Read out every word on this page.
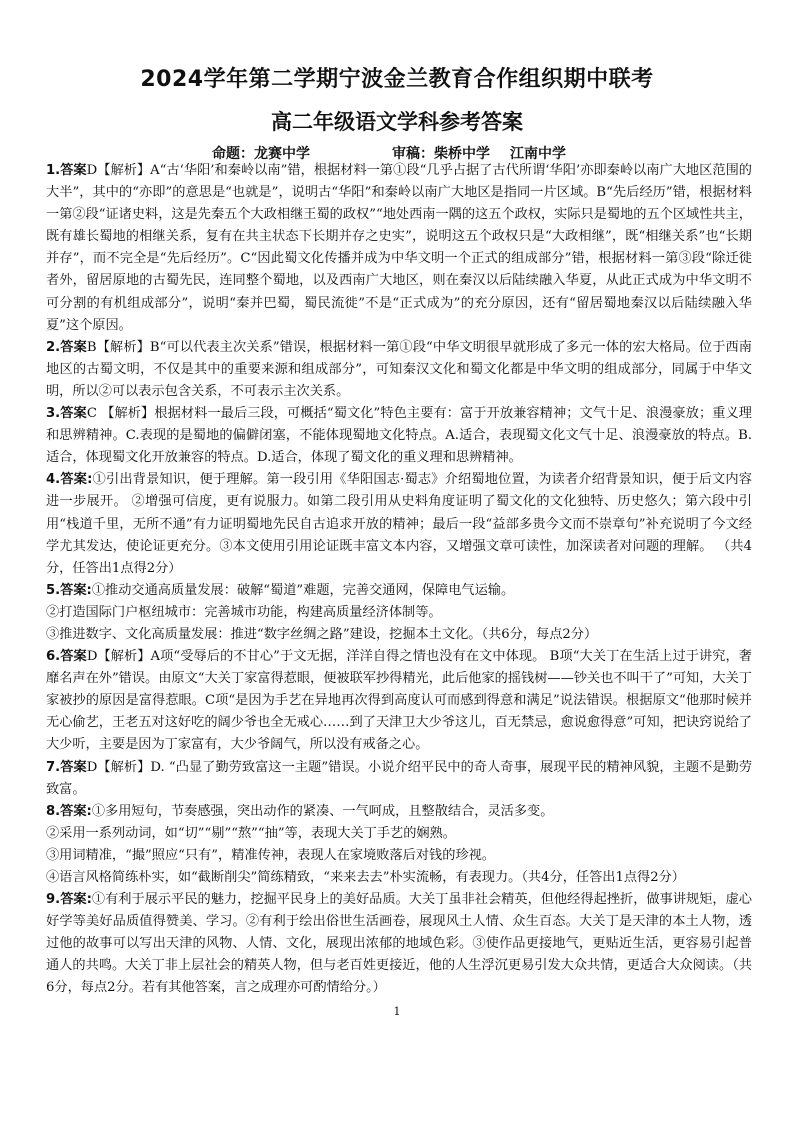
2024学年第二学期宁波金兰教育合作组织期中联考
高二年级语文学科参考答案
命题：龙赛中学	审稿：柴桥中学 江南中学

1.答案D【解析】A“古‘华阳’和秦岭以南”错，根据材料一第①段“几乎占据了古代所谓‘华阳’亦即秦岭以南广大地区范围的大半”，其中的“亦即”的意思是“也就是”，说明古“华阳”和秦岭以南广大地区是指同一片区域。B“先后经历”错，根据材料一第②段“证诸史料，这是先秦五个大政相继王蜀的政权”“地处西南一隅的这五个政权，实际只是蜀地的五个区域性共主，既有雄长蜀地的相继关系，复有在共主状态下长期并存之史实”，说明这五个政权只是“大政相继”，既“相继关系”也“长期并存”，而不完全是“先后经历”。C“因此蜀文化传播并成为中华文明一个正式的组成部分”错，根据材料一第③段“除迁徙者外，留居原地的古蜀先民，连同整个蜀地，以及西南广大地区，则在秦汉以后陆续融入华夏，从此正式成为中华文明不可分割的有机组成部分”，说明“秦并巴蜀，蜀民流徙”不是“正式成为”的充分原因，还有“留居蜀地秦汉以后陆续融入华夏”这个原因。

2.答案B【解析】B“可以代表主次关系”错误，根据材料一第①段“中华文明很早就形成了多元一体的宏大格局。位于西南地区的古蜀文明，不仅是其中的重要来源和组成部分”，可知秦汉文化和蜀文化都是中华文明的组成部分，同属于中华文明，所以②可以表示包含关系，不可表示主次关系。

3.答案C 【解析】根据材料一最后三段，可概括“蜀文化”特色主要有：富于开放兼容精神；文气十足、浪漫豪放；重义理和思辨精神。C.表现的是蜀地的偏僻闭塞，不能体现蜀地文化特点。A.适合，表现蜀文化文气十足、浪漫豪放的特点。B.适合，体现蜀文化开放兼容的特点。D.适合，体现了蜀文化的重义理和思辨精神。

4.答案:①引出背景知识，便于理解。第一段引用《华阳国志·蜀志》介绍蜀地位置，为读者介绍背景知识，便于后文内容进一步展开。 ②增强可信度，更有说服力。如第二段引用从史料角度证明了蜀文化的文化独特、历史悠久；第六段中引用“栈道千里，无所不通”有力证明蜀地先民自古追求开放的精神；最后一段“益部多贵今文而不崇章句”补充说明了今文经学尤其发达，使论证更充分。③本文使用引用论证既丰富文本内容，又增强文章可读性，加深读者对问题的理解。 （共4分，任答出1点得2分）

5.答案:①推动交通高质量发展：破解“蜀道”难题，完善交通网，保障电气运输。

②打造国际门户枢纽城市：完善城市功能，构建高质量经济体制等。

③推进数字、文化高质量发展：推进“数字丝绸之路”建设，挖掘本土文化。（共6分，每点2分）

6.答案D【解析】A项“受辱后的不甘心”于文无据，洋洋自得之情也没有在文中体现。 B项“大关丁在生活上过于讲究，奢靡名声在外”错误。由原文“大关丁家富得惹眼，便被联军抄得精光，此后他家的摇钱树——钞关也不叫干了”可知，大关丁家被抄的原因是富得惹眼。C项“是因为手艺在异地再次得到高度认可而感到得意和满足”说法错误。根据原文“他那时候并无心偷艺，王老五对这好吃的阔少爷也全无戒心……到了天津卫大少爷这儿，百无禁忌，愈说愈得意”可知，把诀窍说给了大少听，主要是因为丁家富有，大少爷阔气，所以没有戒备之心。

7.答案D【解析】D. “凸显了勤劳致富这一主题”错误。小说介绍平民中的奇人奇事，展现平民的精神风貌，主题不是勤劳致富。

8.答案:①多用短句，节奏感强，突出动作的紧凑、一气呵成，且整散结合，灵活多变。

②采用一系列动词，如“切”“剔”“熬”“抽”等，表现大关丁手艺的娴熟。

③用词精准，“撮”照应“只有”，精准传神，表现人在家境败落后对钱的珍视。

④语言风格简练朴实，如“截断削尖”简练精致，“来来去去”朴实流畅，有表现力。（共4分，任答出1点得2分）

9.答案:①有利于展示平民的魅力，挖掘平民身上的美好品质。大关丁虽非社会精英，但他经得起挫折，做事讲规矩，虚心好学等美好品质值得赞美、学习。②有利于绘出俗世生活画卷，展现风土人情、众生百态。大关丁是天津的本土人物，透过他的故事可以写出天津的风物、人情、文化，展现出浓郁的地域色彩。③使作品更接地气，更贴近生活，更容易引起普通人的共鸣。大关丁非上层社会的精英人物，但与老百姓更接近，他的人生浮沉更易引发大众共情，更适合大众阅读。（共6分，每点2分。若有其他答案，言之成理亦可酌情给分。）

1
